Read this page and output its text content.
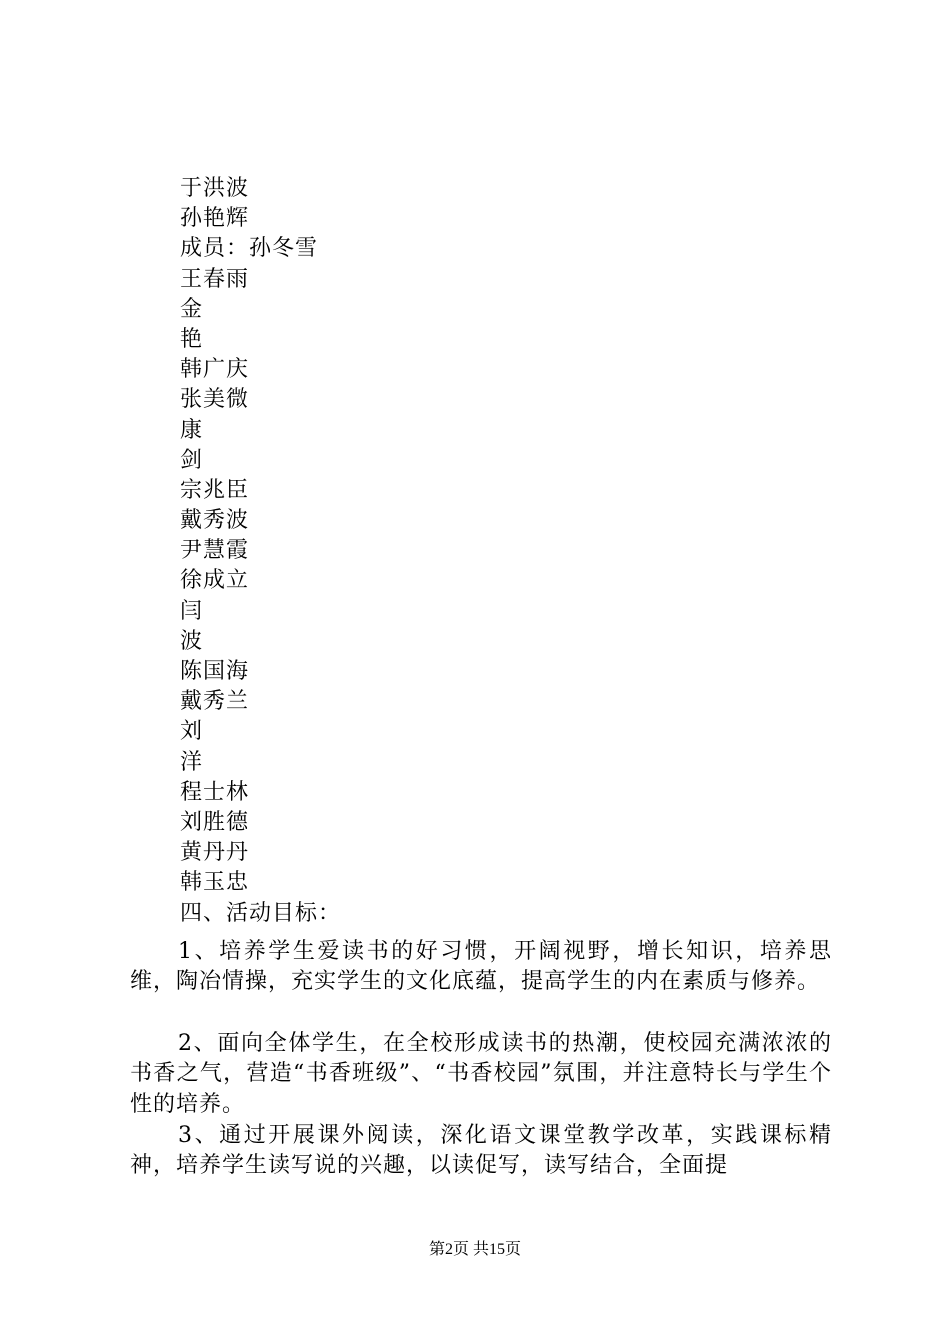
于洪波
孙艳辉
成员：孙冬雪
王春雨
金
艳
韩广庆
张美微
康
剑
宗兆臣
戴秀波
尹慧霞
徐成立
闫
波
陈国海
戴秀兰
刘
洋
程士林
刘胜德
黄丹丹
韩玉忠
四、活动目标：
1、培养学生爱读书的好习惯，开阔视野，增长知识，培养思维，陶冶情操，充实学生的文化底蕴，提高学生的内在素质与修养。
2、面向全体学生，在全校形成读书的热潮，使校园充满浓浓的书香之气，营造“书香班级”、“书香校园”氛围，并注意特长与学生个性的培养。
3、通过开展课外阅读，深化语文课堂教学改革，实践课标精神，培养学生读写说的兴趣，以读促写，读写结合，全面提
第2页 共15页
